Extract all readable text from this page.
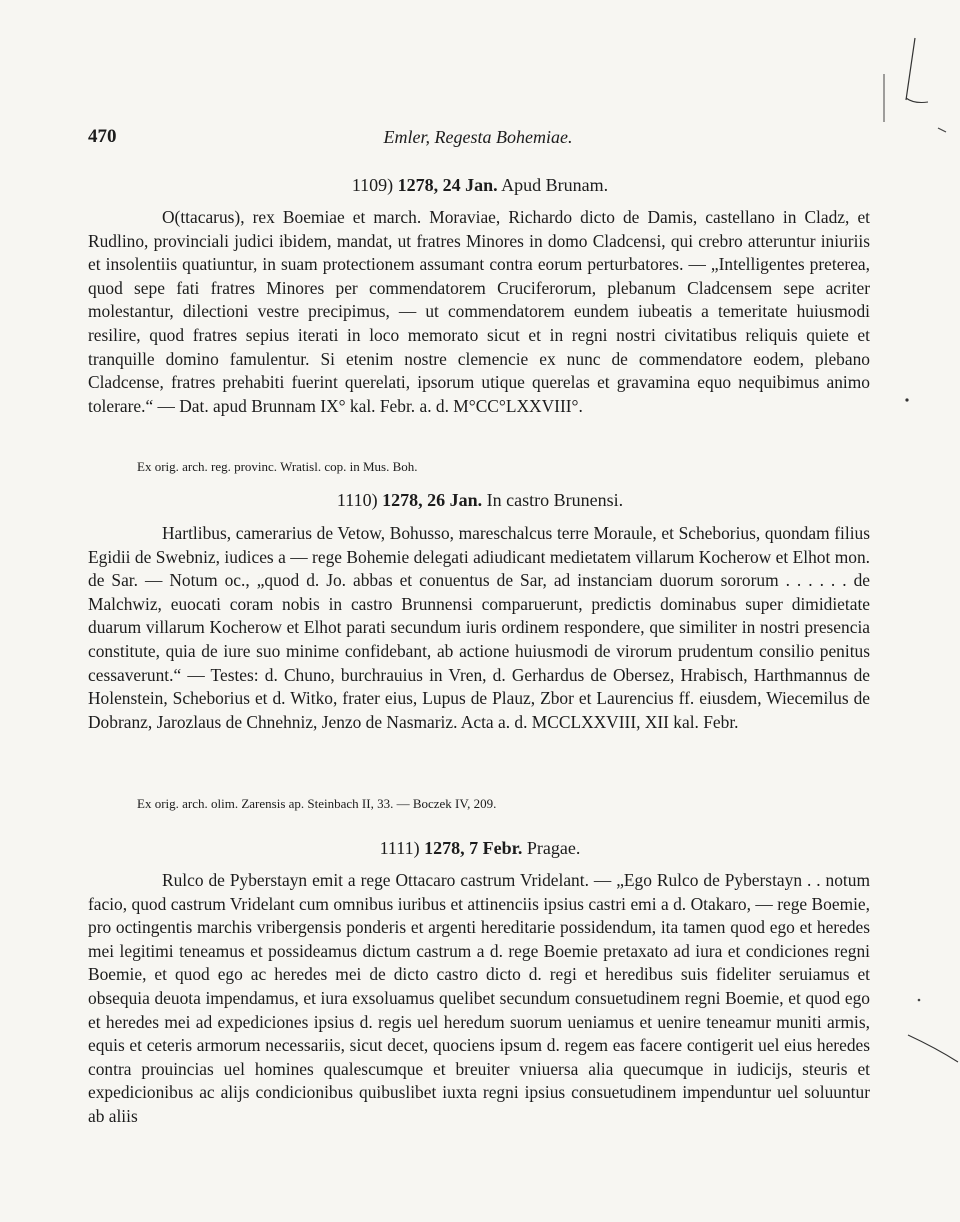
470	Emler, Regesta Bohemiae.
1109) 1278, 24 Jan. Apud Brunam.

O(ttacarus), rex Boemiae et march. Moraviae, Richardo dicto de Damis, castellano in Cladz, et Rudlino, provinciali judici ibidem, mandat, ut fratres Minores in domo Cladcensi, qui crebro atteruntur iniuriis et insolentiis quatiuntur, in suam protectionem assumant contra eorum perturbatores. — „Intelligentes preterea, quod sepe fati fratres Minores per commendatorem Cruciferorum, plebanum Cladcensem sepe acriter molestantur, dilectioni vestre precipimus, — ut commendatorem eundem iubeatis a temeritate huiusmodi resilire, quod fratres sepius iterati in loco memorato sicut et in regni nostri civitatibus reliquis quiete et tranquille domino famulentur. Si etenim nostre clemencie ex nunc de commendatore eodem, plebano Cladcense, fratres prehabiti fuerint querelati, ipsorum utique querelas et gravamina equo nequibimus animo tolerare.“ — Dat. apud Brunnam IX° kal. Febr. a. d. M°CC°LXXVIII°.

Ex orig. arch. reg. provinc. Wratisl. cop. in Mus. Boh.

1110) 1278, 26 Jan. In castro Brunensi.

Hartlibus, camerarius de Vetow, Bohusso, mareschalcus terre Moraule, et Scheborius, quondam filius Egidii de Swebniz, iudices a — rege Bohemie delegati adiudicant medietatem villarum Kocherow et Elhot mon. de Sar. — Notum oc., „quod d. Jo. abbas et conuentus de Sar, ad instanciam duorum sororum . . . . . . de Malchwiz, euocati coram nobis in castro Brunnensi comparuerunt, predictis dominabus super dimidietate duarum villarum Kocherow et Elhot parati secundum iuris ordinem respondere, que similiter in nostri presencia constitute, quia de iure suo minime confidebant, ab actione huiusmodi de virorum prudentum consilio penitus cessaverunt.“ — Testes: d. Chuno, burchrauius in Vren, d. Gerhardus de Obersez, Hrabisch, Harthmannus de Holenstein, Scheborius et d. Witko, frater eius, Lupus de Plauz, Zbor et Laurencius ff. eiusdem, Wiecemilus de Dobranz, Jarozlaus de Chnehniz, Jenzo de Nasmariz. Acta a. d. MCCLXXVIII, XII kal. Febr.

Ex orig. arch. olim. Zarensis ap. Steinbach II, 33. — Boczek IV, 209.

1111) 1278, 7 Febr. Pragae.

Rulco de Pyberstayn emit a rege Ottacaro castrum Vridelant. — „Ego Rulco de Pyberstayn . . notum facio, quod castrum Vridelant cum omnibus iuribus et attinenciis ipsius castri emi a d. Otakaro, — rege Boemie, pro octingentis marchis vribergensis ponderis et argenti hereditarie possidendum, ita tamen quod ego et heredes mei legitimi teneamus et possideamus dictum castrum a d. rege Boemie pretaxato ad iura et condiciones regni Boemie, et quod ego ac heredes mei de dicto castro dicto d. regi et heredibus suis fideliter seruiamus et obsequia deuota impendamus, et iura exsoluamus quelibet secundum consuetudinem regni Boemie, et quod ego et heredes mei ad expediciones ipsius d. regis uel heredum suorum ueniamus et uenire teneamur muniti armis, equis et ceteris armorum necessariis, sicut decet, quociens ipsum d. regem eas facere contigerit uel eius heredes contra prouincias uel homines qualescumque et breuiter vniuersa alia quecumque in iudicijs, steuris et expedicionibus ac alijs condicionibus quibuslibet iuxta regni ipsius consuetudinem impenduntur uel soluuntur ab aliis
